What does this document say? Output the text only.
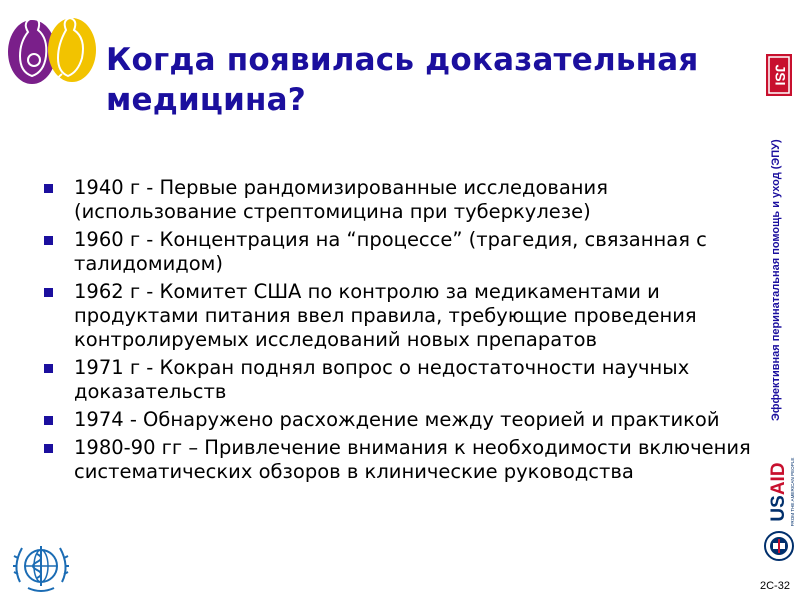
Когда появилась доказательная медицина?
JSI
Эффективная перинатальная помощь и уход (ЭПУ)
USAID FROM THE AMERICAN PEOPLE
1940 г - Первые рандомизированные исследования (использование стрептомицина при туберкулезе)
1960 г - Концентрация на “процессе” (трагедия, связанная с талидомидом)
1962 г - Комитет США по контролю за медикаментами и продуктами питания ввел правила, требующие проведения контролируемых исследований новых препаратов
1971 г - Кокран поднял вопрос о недостаточности научных доказательств
1974 - Обнаружено расхождение между теорией и практикой
1980-90 гг – Привлечение внимания к необходимости включения систематических обзоров в клинические руководства
2C-32
